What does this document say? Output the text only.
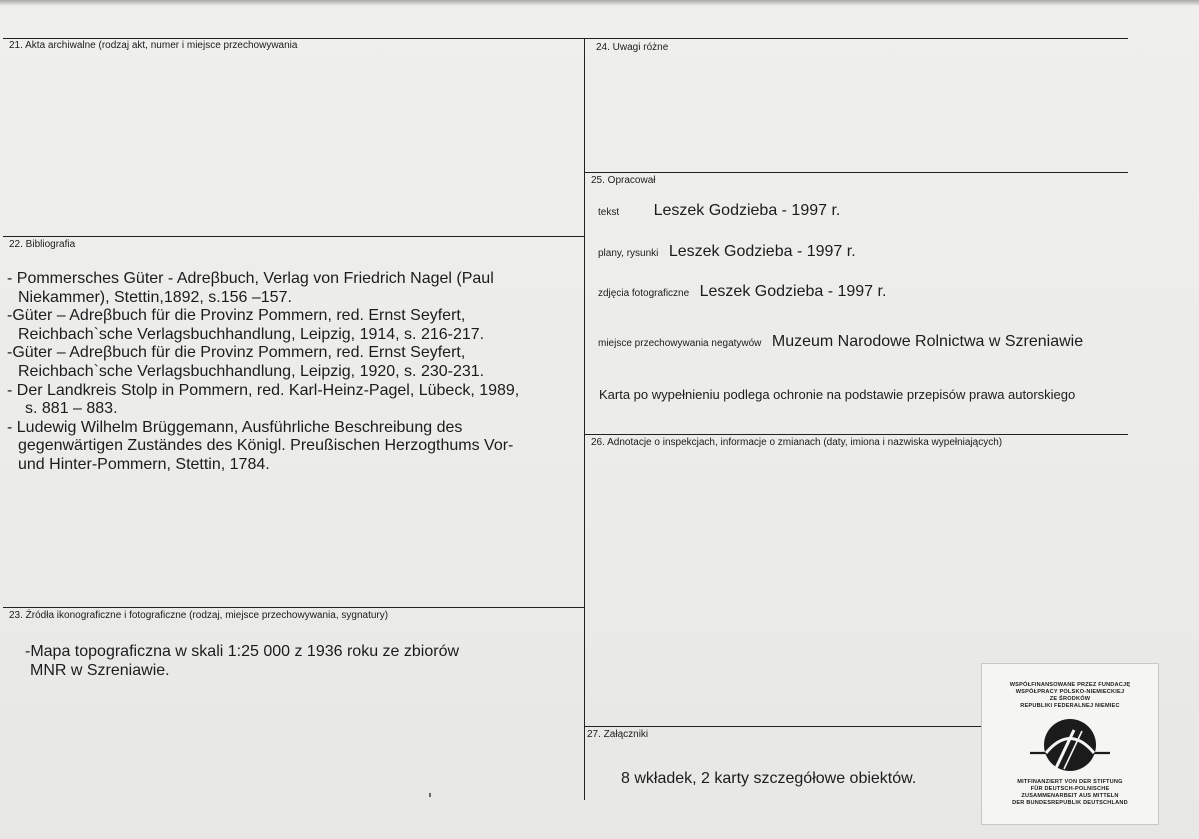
21. Akta archiwalne (rodzaj akt, numer i miejsce przechowywania
22. Bibliografia
- Pommersches Güter - Adreβbuch, Verlag von Friedrich Nagel (Paul
Niekammer), Stettin,1892, s.156 –157.
-Güter – Adreβbuch für die Provinz Pommern, red. Ernst Seyfert,
Reichbach`sche Verlagsbuchhandlung, Leipzig, 1914, s. 216-217.
-Güter – Adreβbuch für die Provinz Pommern, red. Ernst Seyfert,
Reichbach`sche Verlagsbuchhandlung, Leipzig, 1920, s. 230-231.
- Der Landkreis Stolp in Pommern, red. Karl-Heinz-Pagel, Lübeck, 1989,
s. 881 – 883.
- Ludewig Wilhelm Brüggemann, Ausführliche Beschreibung des
gegenwärtigen Zuständes des Königl. Preußischen Herzogthums Vor-
und Hinter-Pommern, Stettin, 1784.
23. Źródła ikonograficzne i fotograficzne (rodzaj, miejsce przechowywania, sygnatury)
-Mapa topograficzna w skali 1:25 000 z 1936 roku ze zbiorów
MNR w Szreniawie.
24. Uwagi różne
25. Opracował
tekst Leszek Godzieba - 1997 r.
plany, rysunki Leszek Godzieba - 1997 r.
zdjęcia fotograficzne Leszek Godzieba - 1997 r.
miejsce przechowywania negatywów Muzeum Narodowe Rolnictwa w Szreniawie
Karta po wypełnieniu podlega ochronie na podstawie przepisów prawa autorskiego
26. Adnotacje o inspekcjach, informacje o zmianach (daty, imiona i nazwiska wypełniających)
27. Załączniki
8 wkładek, 2 karty szczegółowe obiektów.
WSPÓŁFINANSOWANE PRZEZ FUNDACJĘ
WSPÓŁPRACY POLSKO-NIEMIECKIEJ
ZE ŚRODKÓW
REPUBLIKI FEDERALNEJ NIEMIEC
MITFINANZIERT VON DER STIFTUNG
FÜR DEUTSCH-POLNISCHE
ZUSAMMENARBEIT AUS MITTELN
DER BUNDESREPUBLIK DEUTSCHLAND
